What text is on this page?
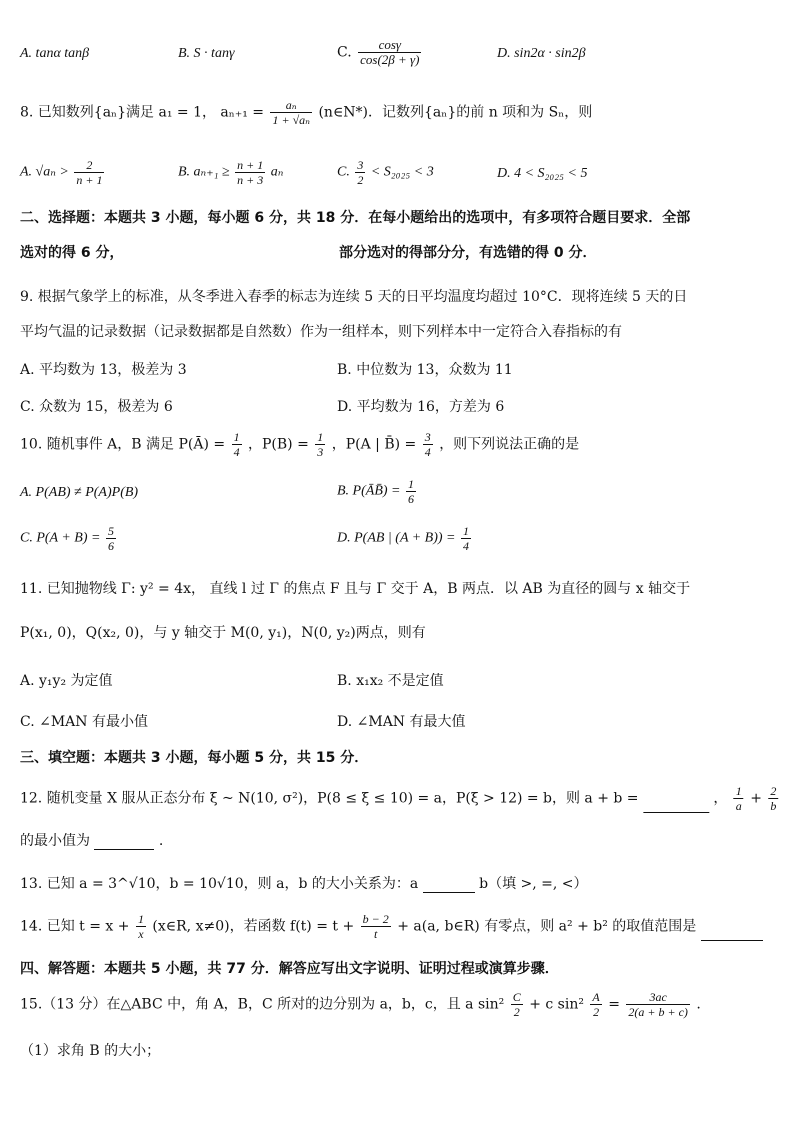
A. tanα tanβ	B. S · tanγ	C. $\frac{\cos\gamma}{\cos(2\beta + \gamma)}$	D. sin2α · sin2β
8. 已知数列{aₙ}满足 a₁ = 1， $a_{n+1} = \frac{\text{aₙ}}{\text{1 + √aₙ}}$ (n∈N*)．记数列{aₙ}的前 n 项和为 Sₙ，则
A. $√a_n > \frac{2}{n + 1}$	B. $a_{n+1} \ge \frac{n + 1}{n + 3}$ aₙ	C. $\frac{3}{2} < S_{2025} < 3$	D. 4 < S₂₀₂₅ < 5
二、选择题：本题共 3 小题，每小题 6 分，共 18 分．在每小题给出的选项中，有多项符合题目要求．全部
选对的得 6 分，	部分选对的得部分分，有选错的得 0 分．
9. 根据气象学上的标准，从冬季进入春季的标志为连续 5 天的日平均温度均超过 10°C．现将连续 5 天的日
平均气温的记录数据（记录数据都是自然数）作为一组样本，则下列样本中一定符合入春指标的有
A. 平均数为 13，极差为 3	B. 中位数为 13，众数为 11
C. 众数为 15，极差为 6	D. 平均数为 16，方差为 6
10. 随机事件 A，B 满足 P(Ā) = $\frac{1}{4}$ ，$P(B) = \frac{1}{3}$ ，P(A | B̄) = $\frac{3}{4}$ ，则下列说法正确的是
A. P(AB) ≠ P(A)P(B)	B. P(ĀB̄) = $\frac{1}{6}$
C. $P(A + B) = \frac{5}{6}$	D. P(AB | $(A + B)) = \frac{1}{4}$
11. 已知抛物线 Γ: y² = 4x， 直线 l 过 Γ 的焦点 F 且与 Γ 交于 A，B 两点．以 AB 为直径的圆与 x 轴交于
P(x₁, 0)，Q(x₂, 0)，与 y 轴交于 M(0, y₁)，N(0, y₂)两点，则有
A. y₁y₂ 为定值	B. x₁x₂ 不是定值
C. ∠MAN 有最小值	D. ∠MAN 有最大值
三、填空题：本题共 3 小题，每小题 5 分，共 15 分．
12. 随机变量 X 服从正态分布 ξ ~ N(10, σ²)，P(8 ≤ ξ ≤ 10) = a，P(ξ > 12) = b，则 a + b =	， $\frac{1}{a} + \frac{2}{b}$
的最小值为	.
13. 已知 a = 3^√10，b = 10√10，则 a，b 的大小关系为：a	b（填 >, =, <）
14. 已知 $t = x + \frac{1}{x}$ (x∈R, x≠0)，若函数 $f(t) = t + \frac{b - 2}{t} + a(a$, b∈R) 有零点，则 a² + b² 的取值范围是
四、解答题：本题共 5 小题，共 77 分．解答应写出文字说明、证明过程或演算步骤．
15.（13 分）在△ABC 中，角 A，B，C 所对的边分别为 a，b，c，且 a $\sin^2 \frac{C}{2} + c$ $\sin^2 \frac{A}{2} = \frac{3ac}{2(a + b + c)}$ .
（1）求角 B 的大小；
